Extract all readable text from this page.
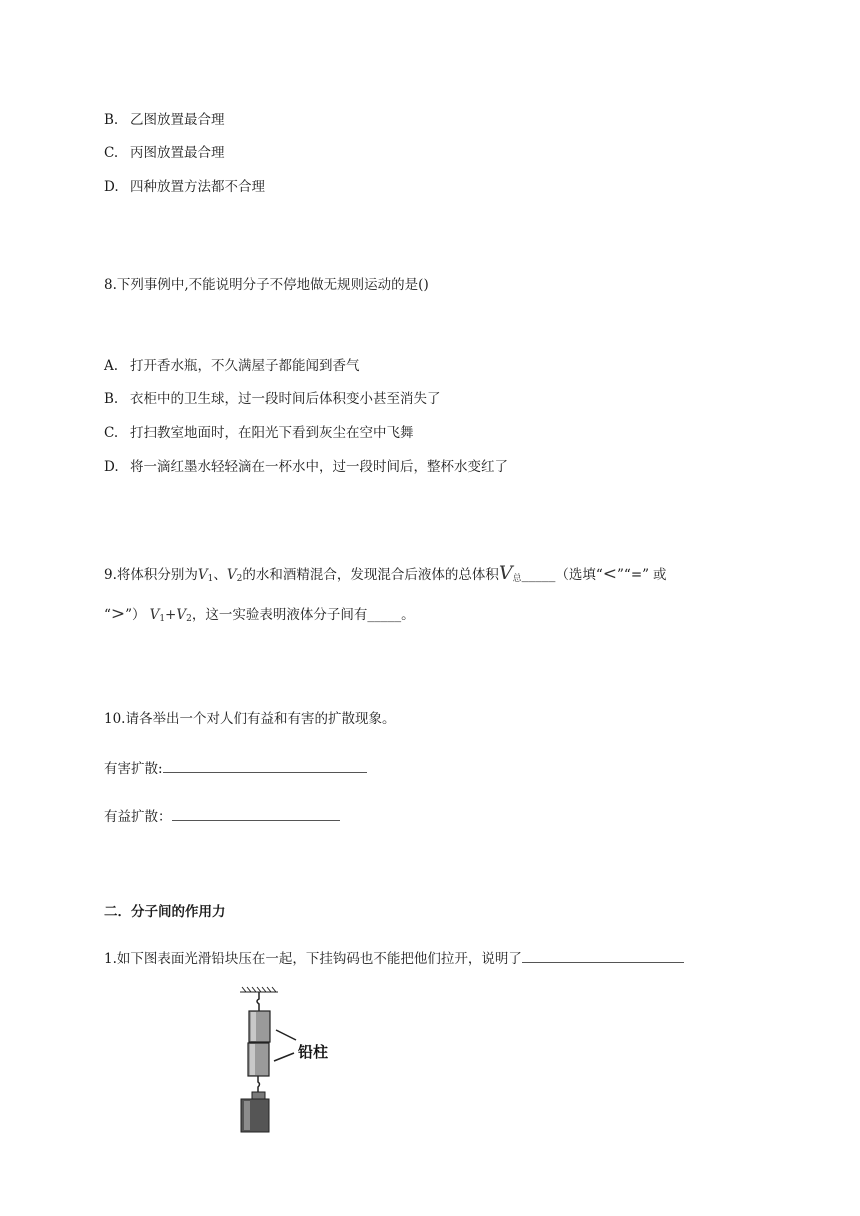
B. 乙图放置最合理
C. 丙图放置最合理
D. 四种放置方法都不合理
8.下列事例中,不能说明分子不停地做无规则运动的是()
A. 打开香水瓶，不久满屋子都能闻到香气
B. 衣柜中的卫生球，过一段时间后体积变小甚至消失了
C. 打扫教室地面时，在阳光下看到灰尘在空中飞舞
D. 将一滴红墨水轻轻滴在一杯水中，过一段时间后，整杯水变红了
9.将体积分别为V1、V2的水和酒精混合，发现混合后液体的总体积V总_____（选填“<”“=” 或
“>”） V1+V2，这一实验表明液体分子间有_____。
10.请各举出一个对人们有益和有害的扩散现象。
有害扩散:
有益扩散：
二．分子间的作用力
1.如下图表面光滑铅块压在一起，下挂钩码也不能把他们拉开，说明了
铅柱
